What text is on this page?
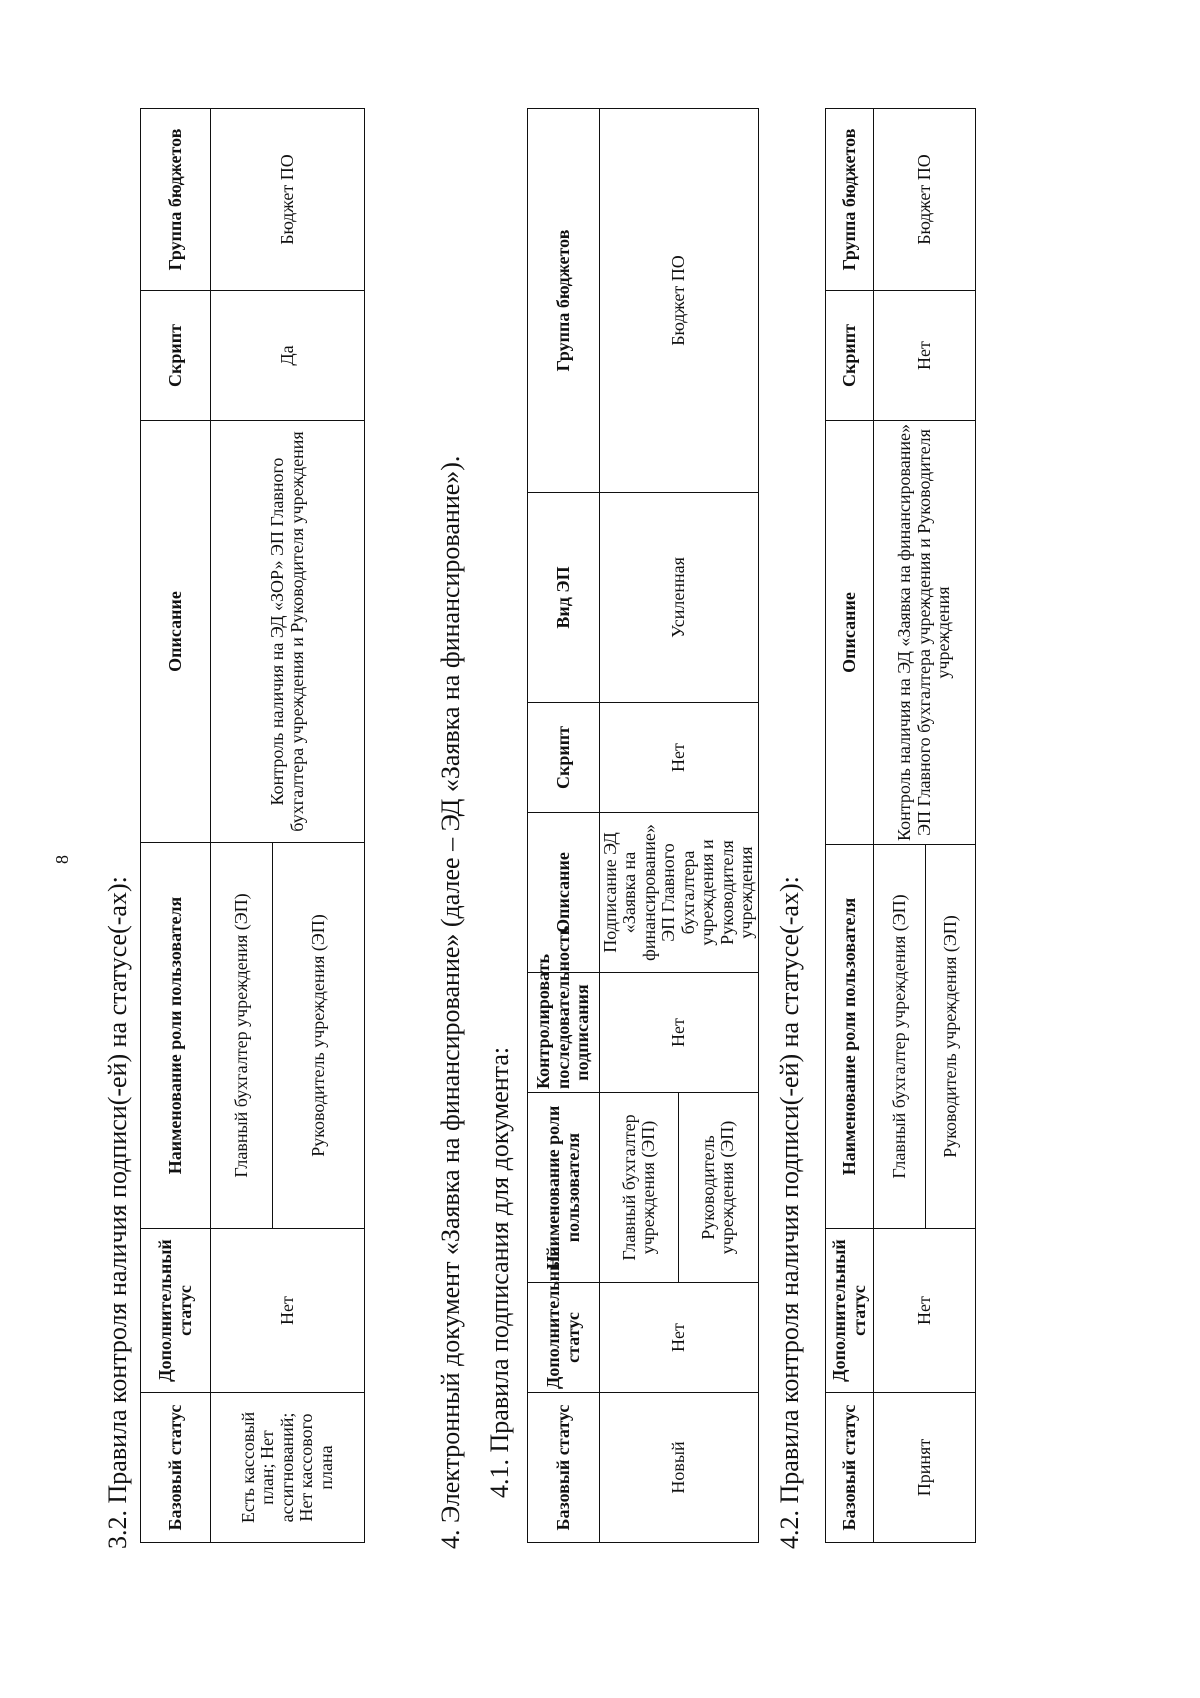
8
3.2. Правила контроля наличия подписи(-ей) на статусе(-ах): Базовый статус	Дополнительный статус	Наименование роли пользователя	Описание	Скрипт	Группа бюджетов
Есть кассовый план; Нет ассигнований; Нет кассового плана	Нет	Главный бухгалтер учреждения (ЭП)	Контроль наличия на ЭД «ЗОР» ЭП Главного бухгалтера учреждения и Руководителя учреждения	Да	Бюджет ПО
		Руководитель учреждения (ЭП)				4. Электронный документ «Заявка на финансирование» (далее – ЭД «Заявка на финансирование»). 4.1. Правила подписания для документа: Базовый статус	Дополнительный статус	Наименование роли пользователя	Контролировать последовательность подписания	Описание	Скрипт	Вид ЭП	Группа бюджетов
Новый	Нет	Главный бухгалтер учреждения (ЭП)	Нет	Подписание ЭД «Заявка на финансирование» ЭП Главного бухгалтера учреждения и Руководителя учреждения	Нет	Усиленная	Бюджет ПО
		Руководитель учреждения (ЭП)					4.2. Правила контроля наличия подписи(-ей) на статусе(-ах): Базовый статус	Дополнительный статус	Наименование роли пользователя	Описание	Скрипт	Группа бюджетов
Принят	Нет	Главный бухгалтер учреждения (ЭП)	Контроль наличия на ЭД «Заявка на финансирование» ЭП Главного бухгалтера учреждения и Руководителя учреждения	Нет	Бюджет ПО
		Руководитель учреждения (ЭП)			
